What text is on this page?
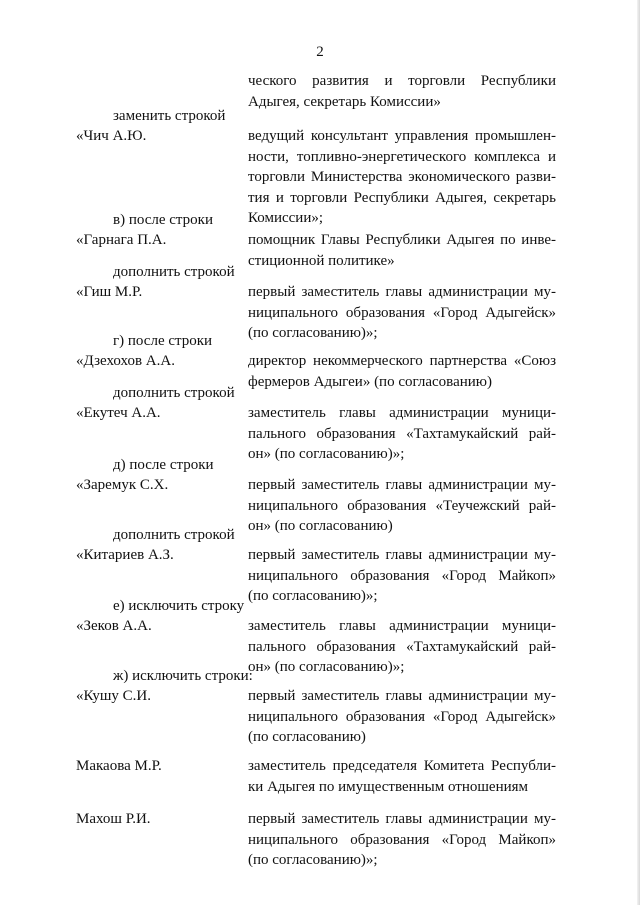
2
ческого развития и торговли Республики
Адыгея, секретарь Комиссии»
заменить строкой
«Чич А.Ю.	ведущий консультант управления промышлен-
ности, топливно-энергетического комплекса и
торговли Министерства экономического разви-
тия и торговли Республики Адыгея, секретарь
Комиссии»;
в) после строки
«Гарнага П.А.	помощник Главы Республики Адыгея по инве-
стиционной политике»
дополнить строкой
«Гиш М.Р.	первый заместитель главы администрации му-
ниципального образования «Город Адыгейск»
(по согласованию)»;
г) после строки
«Дзехохов А.А.	директор некоммерческого партнерства «Союз
фермеров Адыгеи» (по согласованию)
дополнить строкой
«Екутеч А.А.	заместитель главы администрации муници-
пального образования «Тахтамукайский рай-
он» (по согласованию)»;
д) после строки
«Заремук С.Х.	первый заместитель главы администрации му-
ниципального образования «Теучежский рай-
он» (по согласованию)
дополнить строкой
«Китариев А.З.	первый заместитель главы администрации му-
ниципального образования «Город Майкоп»
(по согласованию)»;
е) исключить строку
«Зеков А.А.	заместитель главы администрации муници-
пального образования «Тахтамукайский рай-
он» (по согласованию)»;
ж) исключить строки:
«Кушу С.И.	первый заместитель главы администрации му-
ниципального образования «Город Адыгейск»
(по согласованию)
Макаова М.Р.	заместитель председателя Комитета Республи-
ки Адыгея по имущественным отношениям
Махош Р.И.	первый заместитель главы администрации му-
ниципального образования «Город Майкоп»
(по согласованию)»;
